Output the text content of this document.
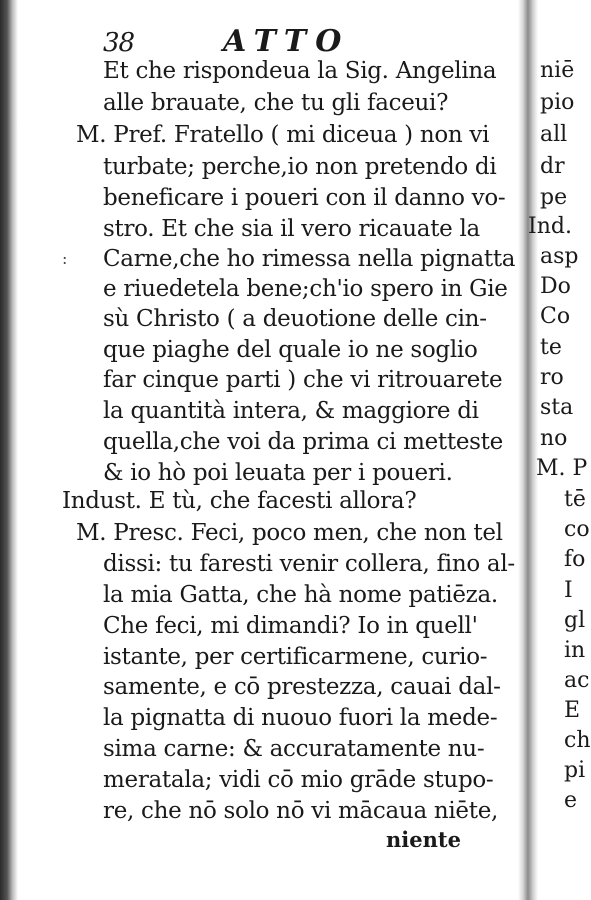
38	ATTO
:
Et che rispondeua la Sig. Angelina
alle brauate, che tu gli faceui?
M. Pref. Fratello ( mi diceua ) non vi
turbate; perche,io non pretendo di
beneficare i poueri con il danno vo-
stro. Et che sia il vero ricauate la
Carne,che ho rimessa nella pignatta
e riuedetela bene;ch'io spero in Gie
sù Christo ( a deuotione delle cin-
que piaghe del quale io ne soglio
far cinque parti ) che vi ritrouarete
la quantità intera, & maggiore di
quella,che voi da prima ci metteste
& io hò poi leuata per i poueri.
Indust. E tù, che facesti allora?
M. Presc. Feci, poco men, che non tel
dissi: tu faresti venir collera, fino al-
la mia Gatta, che hà nome patiēza.
Che feci, mi dimandi? Io in quell'
istante, per certificarmene, curio-
samente, e cō prestezza, cauai dal-
la pignatta di nuouo fuori la mede-
sima carne: & accuratamente nu-
meratala; vidi cō mio grāde stupo-
re, che nō solo nō vi mācaua niēte,
niente
niē
pio
all
dr
pe
Ind.
asp
Do
Co
te
ro
sta
no
M. P
tē
co
fo
I
gl
in
ac
E
ch
pi
e
